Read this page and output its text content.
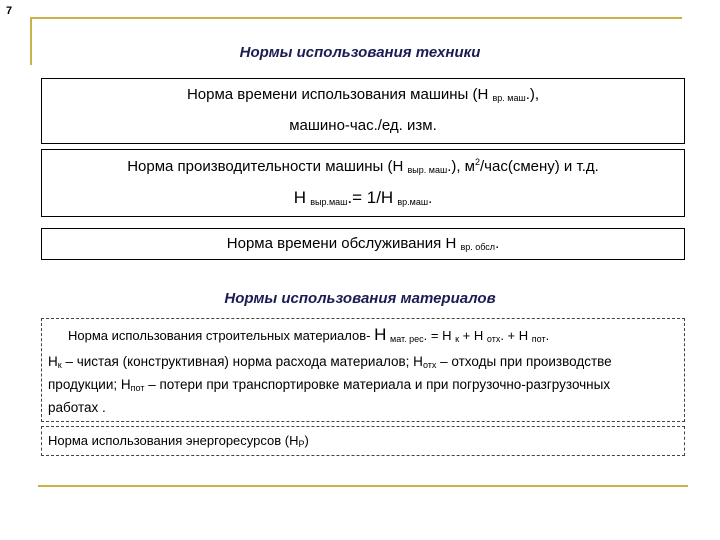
7
Нормы использования техники
Норма времени использования машины (Н $_{вр. маш}$.),
машино-час./ед. изм.
Норма производительности машины (Н $_{выр. маш}$.), $м^2/час(смену)$ и т.д.
Н $_{выр.маш}$.= 1/Н $_{вр.маш}$.
Норма времени обслуживания Н $_{вр. обсл}$.
Нормы использования материалов
Норма использования строительных материалов- Н $_{мат. рес}$. = Н $_к$ + Н $_{отх}$. + Н $_{пот}$.
$Н_к$ – чистая (конструктивная) норма расхода материалов; $Н_{отх}$ – отходы при производстве продукции; $Н_{пот}$ – потери при транспортировке материала и при погрузочно-разгрузочных работах .
Норма использования энергоресурсов $(Н_Р)$
